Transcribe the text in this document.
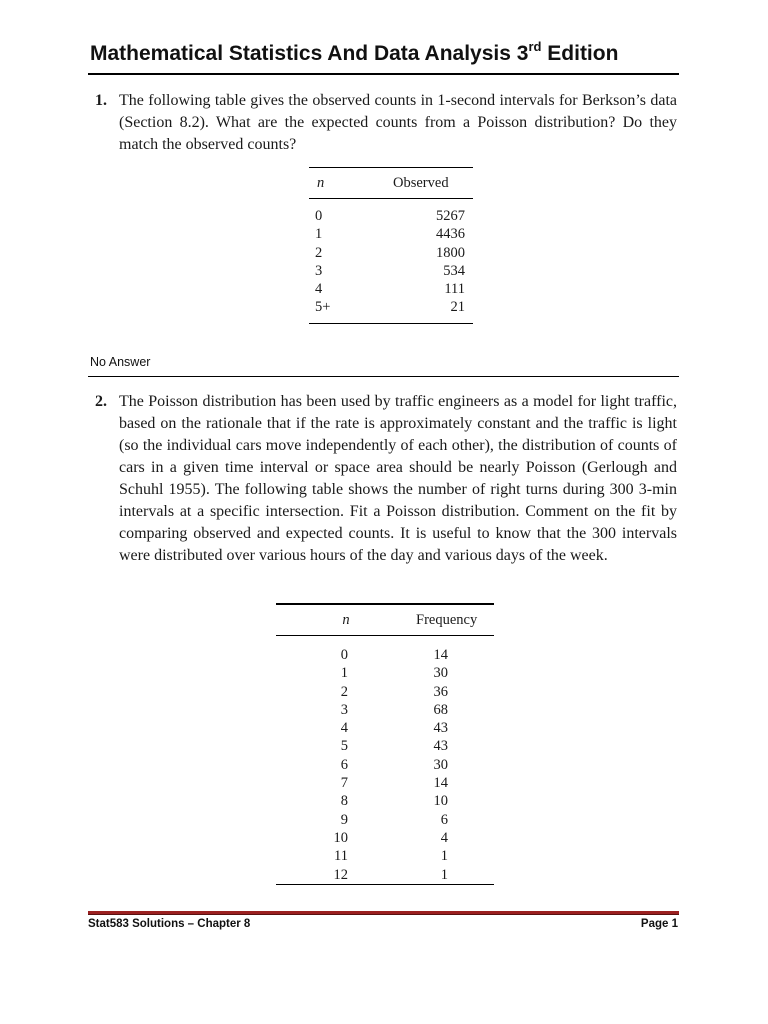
Mathematical Statistics And Data Analysis 3rd Edition
1. The following table gives the observed counts in 1-second intervals for Berkson’s data (Section 8.2). What are the expected counts from a Poisson distribution? Do they match the observed counts?
n	Observed
0	5267
1	4436
2	1800
3	534
4	111
5+	21
No Answer
2. The Poisson distribution has been used by traffic engineers as a model for light traffic, based on the rationale that if the rate is approximately constant and the traffic is light (so the individual cars move independently of each other), the distribution of counts of cars in a given time interval or space area should be nearly Poisson (Gerlough and Schuhl 1955). The following table shows the number of right turns during 300 3-min intervals at a specific intersection. Fit a Poisson distribution. Comment on the fit by comparing observed and expected counts. It is useful to know that the 300 intervals were distributed over various hours of the day and various days of the week.
n	Frequency
0	14
1	30
2	36
3	68
4	43
5	43
6	30
7	14
8	10
9	6
10	4
11	1
12	1
Stat583 Solutions – Chapter 8	Page 1
